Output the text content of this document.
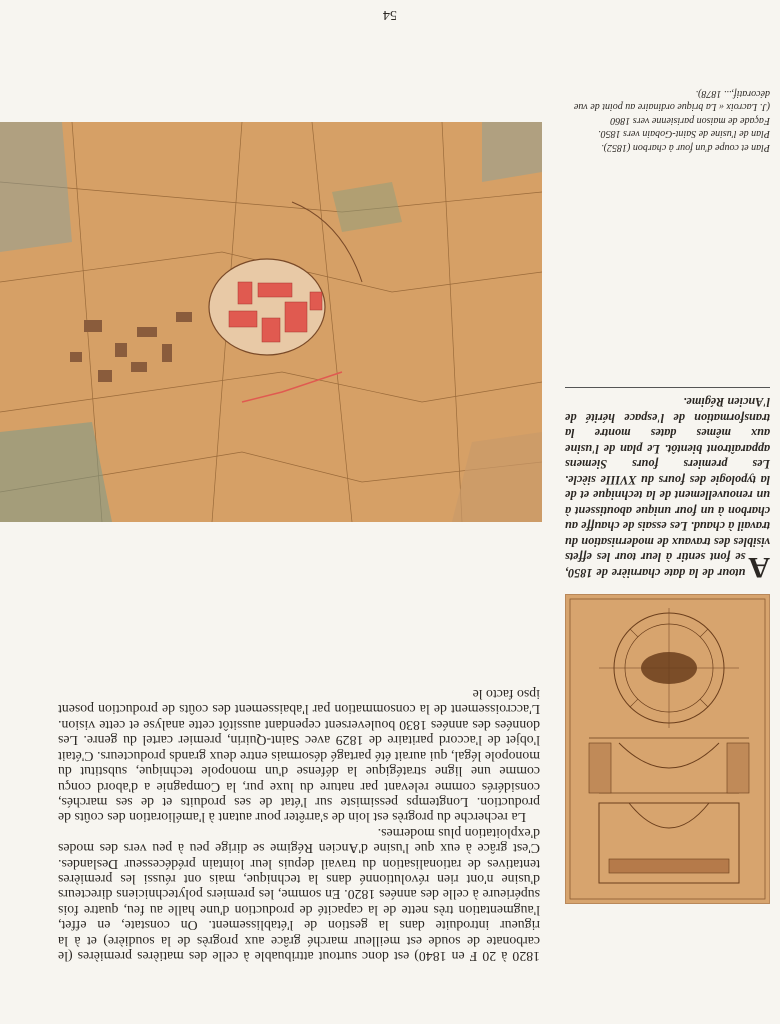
54
A
utour de la date charnière de 1850, se font sentir à leur tour les effets visibles des travaux de modernisation du travail à chaud. Les essais de chauffe au charbon à un four unique aboutissent à un renouvellement de la technique et de la typologie des fours du XVIIIe siècle. Les premiers fours Siemens apparaîtront bientôt. Le plan de l'usine aux mêmes dates montre la transformation de l'espace hérité de l'Ancien Régime.

1820 à 20 F en 1840) est donc surtout attribuable à celle des matières premières (le carbonate de soude est meilleur marché grâce aux progrès de la soudière) et à la rigueur introduite dans la gestion de l'établissement. On constate, en effet, l'augmentation très nette de la capacité de production d'une halle au feu, quatre fois supérieure à celle des années 1820. En somme, les premiers polytechniciens directeurs d'usine n'ont rien révolutionné dans la technique, mais ont réussi les premières tentatives de rationalisation du travail depuis leur lointain prédécesseur Deslandes. C'est grâce à eux que l'usine d'Ancien Régime se dirige peu à peu vers des modes d'exploitation plus modernes.

La recherche du progrès est loin de s'arrêter pour autant à l'amélioration des coûts de production. Longtemps pessimiste sur l'état de ses produits et de ses marchés, considérés comme relevant par nature du luxe pur, la Compagnie a d'abord conçu comme une ligne stratégique la défense d'un monopole technique, substitut du monopole légal, qui aurait été partagé désormais entre deux grands producteurs. C'était l'objet de l'accord paritaire de 1829 avec Saint-Quirin, premier cartel du genre. Les données des années 1830 bouleversent cependant aussitôt cette analyse et cette vision. L'accroissement de la consommation par l'abaissement des coûts de production posent ipso facto le

Plan et coupe d'un four à charbon (1852).

Plan de l'usine de Saint-Gobain vers 1850.

Façade de maison parisienne vers 1860

(J. Lacroix « La brique ordinaire au point de vue décoratif,... 1878).
